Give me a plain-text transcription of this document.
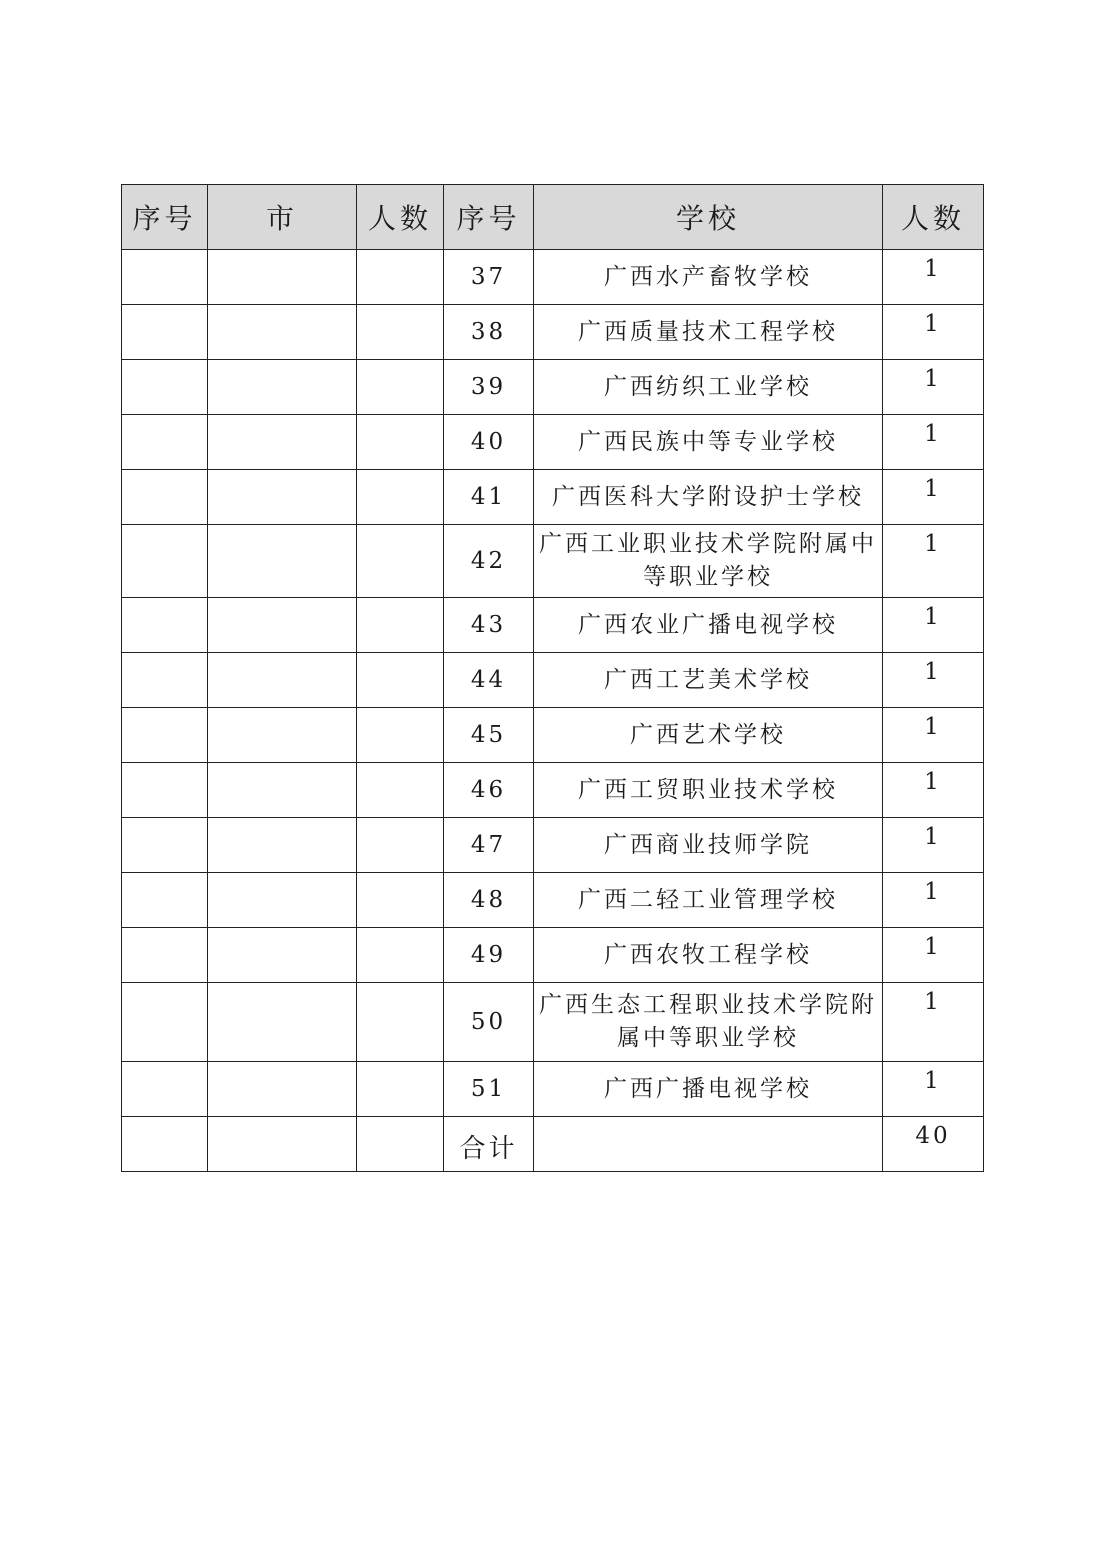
序号	市	人数	序号	学校	人数
			37	广西水产畜牧学校	1
			38	广西质量技术工程学校	1
			39	广西纺织工业学校	1
			40	广西民族中等专业学校	1
			41	广西医科大学附设护士学校	1
			42	广西工业职业技术学院附属中等职业学校	1
			43	广西农业广播电视学校	1
			44	广西工艺美术学校	1
			45	广西艺术学校	1
			46	广西工贸职业技术学校	1
			47	广西商业技师学院	1
			48	广西二轻工业管理学校	1
			49	广西农牧工程学校	1
			50	广西生态工程职业技术学院附属中等职业学校	1
			51	广西广播电视学校	1
			合计		40
